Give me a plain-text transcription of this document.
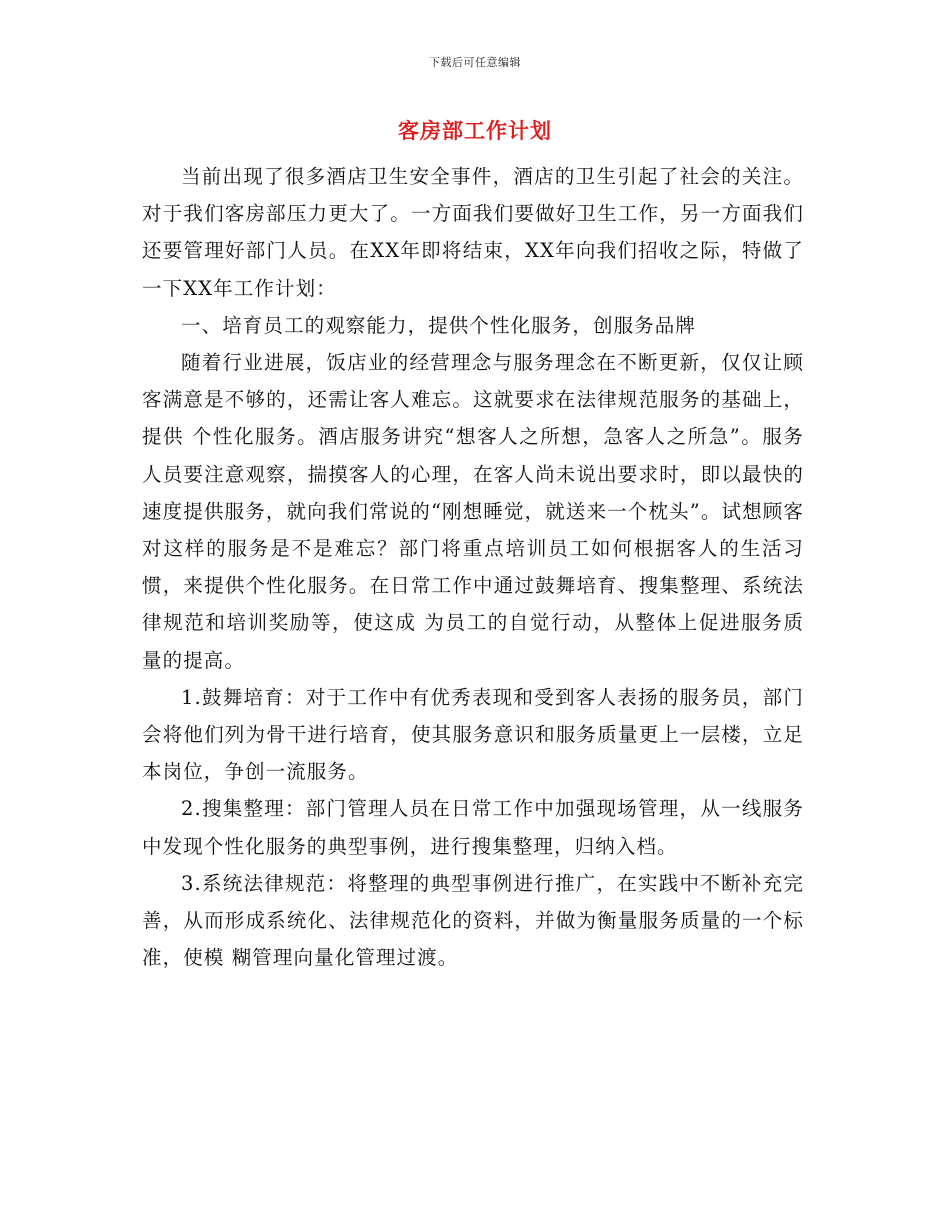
下载后可任意编辑
客房部工作计划

当前出现了很多酒店卫生安全事件，酒店的卫生引起了社会的关注。对于我们客房部压力更大了。一方面我们要做好卫生工作，另一方面我们还要管理好部门人员。在XX年即将结束，XX年向我们招收之际，特做了一下XX年工作计划：

一、培育员工的观察能力，提供个性化服务，创服务品牌

随着行业进展，饭店业的经营理念与服务理念在不断更新，仅仅让顾客满意是不够的，还需让客人难忘。这就要求在法律规范服务的基础上，提供 个性化服务。酒店服务讲究“想客人之所想，急客人之所急”。服务人员要注意观察，揣摸客人的心理，在客人尚未说出要求时，即以最快的 速度提供服务，就向我们常说的“刚想睡觉，就送来一个枕头”。试想顾客对这样的服务是不是难忘？部门将重点培训员工如何根据客人的生活习惯，来提供个性化服务。在日常工作中通过鼓舞培育、搜集整理、系统法律规范和培训奖励等，使这成 为员工的自觉行动，从整体上促进服务质量的提高。

1.鼓舞培育：对于工作中有优秀表现和受到客人表扬的服务员，部门会将他们列为骨干进行培育，使其服务意识和服务质量更上一层楼，立足 本岗位，争创一流服务。

2.搜集整理：部门管理人员在日常工作中加强现场管理，从一线服务中发现个性化服务的典型事例，进行搜集整理，归纳入档。

3.系统法律规范：将整理的典型事例进行推广，在实践中不断补充完善，从而形成系统化、法律规范化的资料，并做为衡量服务质量的一个标准，使模 糊管理向量化管理过渡。
